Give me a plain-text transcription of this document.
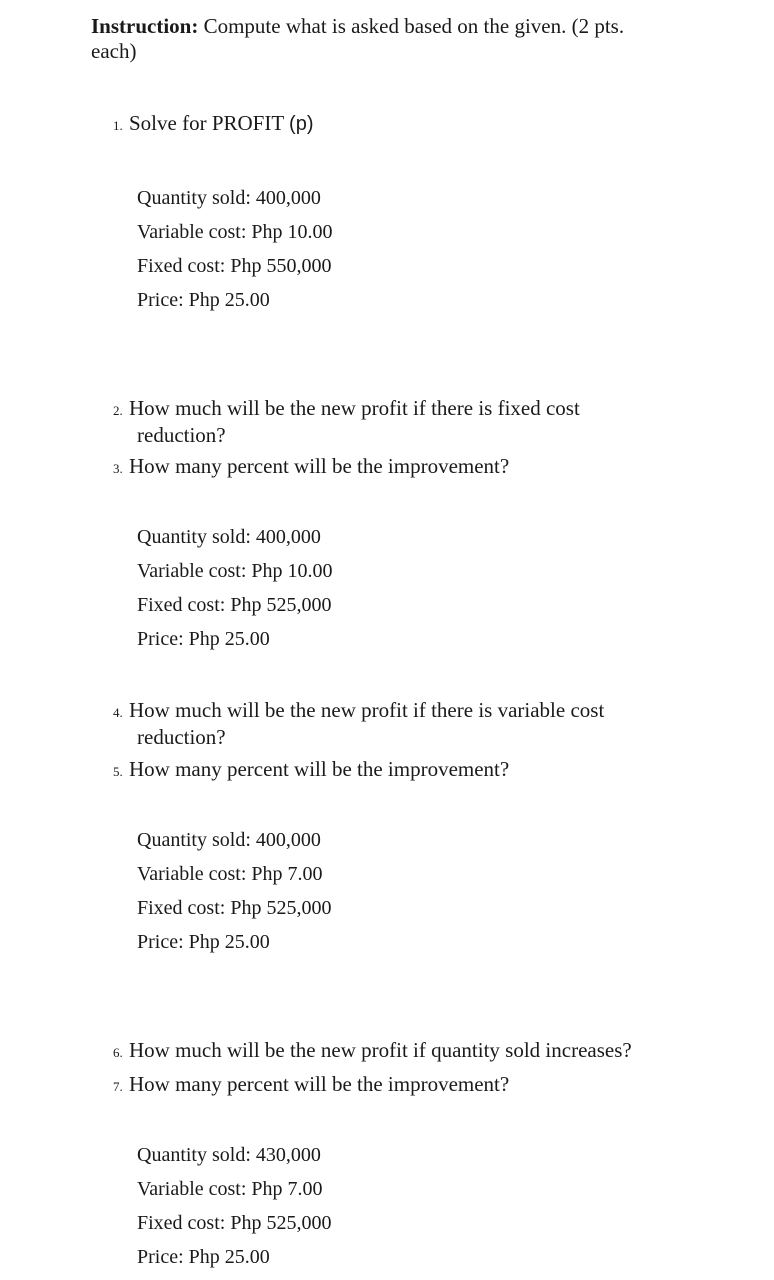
Instruction: Compute what is asked based on the given. (2 pts.
each)
1. Solve for PROFIT (p)
Quantity sold: 400,000
Variable cost: Php 10.00
Fixed cost: Php 550,000
Price: Php 25.00
2. How much will be the new profit if there is fixed cost
reduction?
3. How many percent will be the improvement?
Quantity sold: 400,000
Variable cost: Php 10.00
Fixed cost: Php 525,000
Price: Php 25.00
4. How much will be the new profit if there is variable cost
reduction?
5. How many percent will be the improvement?
Quantity sold: 400,000
Variable cost: Php 7.00
Fixed cost: Php 525,000
Price: Php 25.00
6. How much will be the new profit if quantity sold increases?
7. How many percent will be the improvement?
Quantity sold: 430,000
Variable cost: Php 7.00
Fixed cost: Php 525,000
Price: Php 25.00
